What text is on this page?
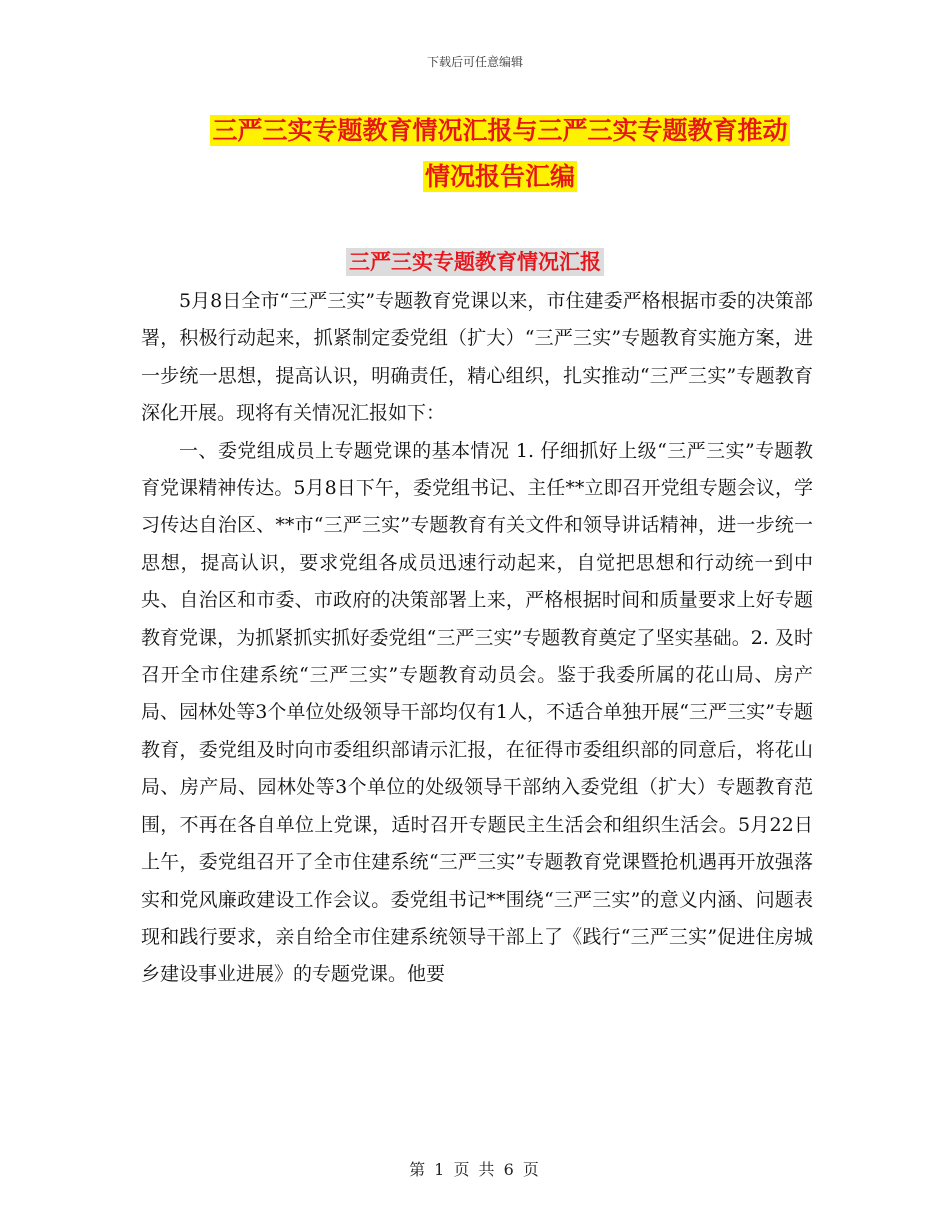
下载后可任意编辑
三严三实专题教育情况汇报与三严三实专题教育推动
情况报告汇编
三严三实专题教育情况汇报

5月8日全市“三严三实”专题教育党课以来，市住建委严格根据市委的决策部署，积极行动起来，抓紧制定委党组（扩大）“三严三实”专题教育实施方案，进一步统一思想，提高认识，明确责任，精心组织，扎实推动“三严三实”专题教育深化开展。现将有关情况汇报如下：

一、委党组成员上专题党课的基本情况 1. 仔细抓好上级“三严三实”专题教育党课精神传达。5月8日下午，委党组书记、主任**立即召开党组专题会议，学习传达自治区、**市“三严三实”专题教育有关文件和领导讲话精神，进一步统一思想，提高认识，要求党组各成员迅速行动起来，自觉把思想和行动统一到中央、自治区和市委、市政府的决策部署上来，严格根据时间和质量要求上好专题教育党课，为抓紧抓实抓好委党组“三严三实”专题教育奠定了坚实基础。2. 及时召开全市住建系统“三严三实”专题教育动员会。鉴于我委所属的花山局、房产局、园林处等3个单位处级领导干部均仅有1人，不适合单独开展“三严三实”专题教育，委党组及时向市委组织部请示汇报，在征得市委组织部的同意后，将花山局、房产局、园林处等3个单位的处级领导干部纳入委党组（扩大）专题教育范围，不再在各自单位上党课，适时召开专题民主生活会和组织生活会。5月22日上午，委党组召开了全市住建系统“三严三实”专题教育党课暨抢机遇再开放强落实和党风廉政建设工作会议。委党组书记**围绕“三严三实”的意义内涵、问题表现和践行要求，亲自给全市住建系统领导干部上了《践行“三严三实”促进住房城乡建设事业进展》的专题党课。他要

第 1 页 共 6 页
